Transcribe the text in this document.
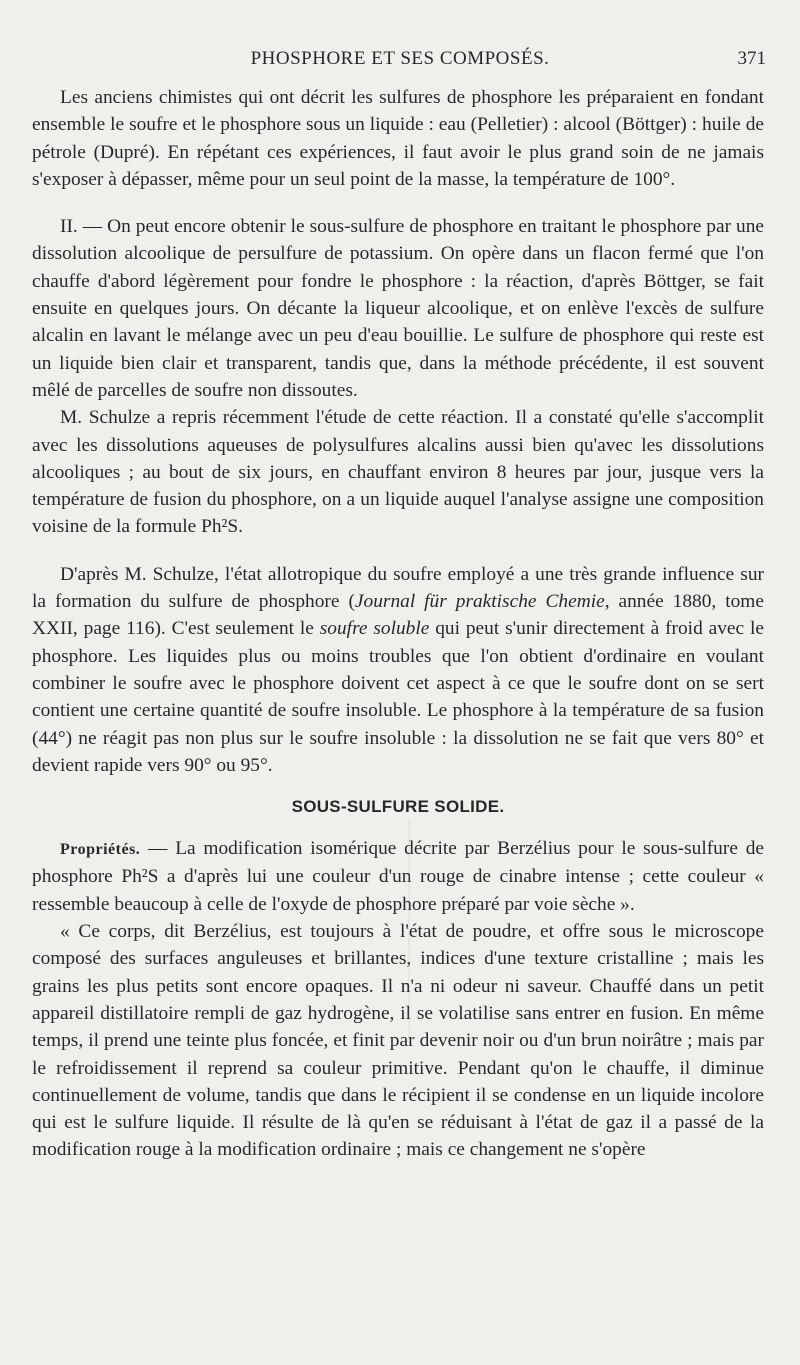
PHOSPHORE ET SES COMPOSÉS.	371

Les anciens chimistes qui ont décrit les sulfures de phosphore les préparaient en fondant ensemble le soufre et le phosphore sous un liquide : eau (Pelletier) : alcool (Böttger) : huile de pétrole (Dupré). En répétant ces expériences, il faut avoir le plus grand soin de ne jamais s'exposer à dépasser, même pour un seul point de la masse, la température de 100°.

II. — On peut encore obtenir le sous-sulfure de phosphore en traitant le phosphore par une dissolution alcoolique de persulfure de potassium. On opère dans un flacon fermé que l'on chauffe d'abord légèrement pour fondre le phosphore : la réaction, d'après Böttger, se fait ensuite en quelques jours. On décante la liqueur alcoolique, et on enlève l'excès de sulfure alcalin en lavant le mélange avec un peu d'eau bouillie. Le sulfure de phosphore qui reste est un liquide bien clair et transparent, tandis que, dans la méthode précédente, il est souvent mêlé de parcelles de soufre non dissoutes.

M. Schulze a repris récemment l'étude de cette réaction. Il a constaté qu'elle s'accomplit avec les dissolutions aqueuses de polysulfures alcalins aussi bien qu'avec les dissolutions alcooliques ; au bout de six jours, en chauffant environ 8 heures par jour, jusque vers la température de fusion du phosphore, on a un liquide auquel l'analyse assigne une composition voisine de la formule Ph²S.

D'après M. Schulze, l'état allotropique du soufre employé a une très grande influence sur la formation du sulfure de phosphore (Journal für praktische Chemie, année 1880, tome XXII, page 116). C'est seulement le soufre soluble qui peut s'unir directement à froid avec le phosphore. Les liquides plus ou moins troubles que l'on obtient d'ordinaire en voulant combiner le soufre avec le phosphore doivent cet aspect à ce que le soufre dont on se sert contient une certaine quantité de soufre insoluble. Le phosphore à la température de sa fusion (44°) ne réagit pas non plus sur le soufre insoluble : la dissolution ne se fait que vers 80° et devient rapide vers 90° ou 95°.

SOUS-SULFURE SOLIDE.

Propriétés. — La modification isomérique décrite par Berzélius pour le sous-sulfure de phosphore Ph²S a d'après lui une couleur d'un rouge de cinabre intense ; cette couleur « ressemble beaucoup à celle de l'oxyde de phosphore préparé par voie sèche ».

« Ce corps, dit Berzélius, est toujours à l'état de poudre, et offre sous le microscope composé des surfaces anguleuses et brillantes, indices d'une texture cristalline ; mais les grains les plus petits sont encore opaques. Il n'a ni odeur ni saveur. Chauffé dans un petit appareil distillatoire rempli de gaz hydrogène, il se volatilise sans entrer en fusion. En même temps, il prend une teinte plus foncée, et finit par devenir noir ou d'un brun noirâtre ; mais par le refroidissement il reprend sa couleur primitive. Pendant qu'on le chauffe, il diminue continuellement de volume, tandis que dans le récipient il se condense en un liquide incolore qui est le sulfure liquide. Il résulte de là qu'en se réduisant à l'état de gaz il a passé de la modification rouge à la modification ordinaire ; mais ce changement ne s'opère
